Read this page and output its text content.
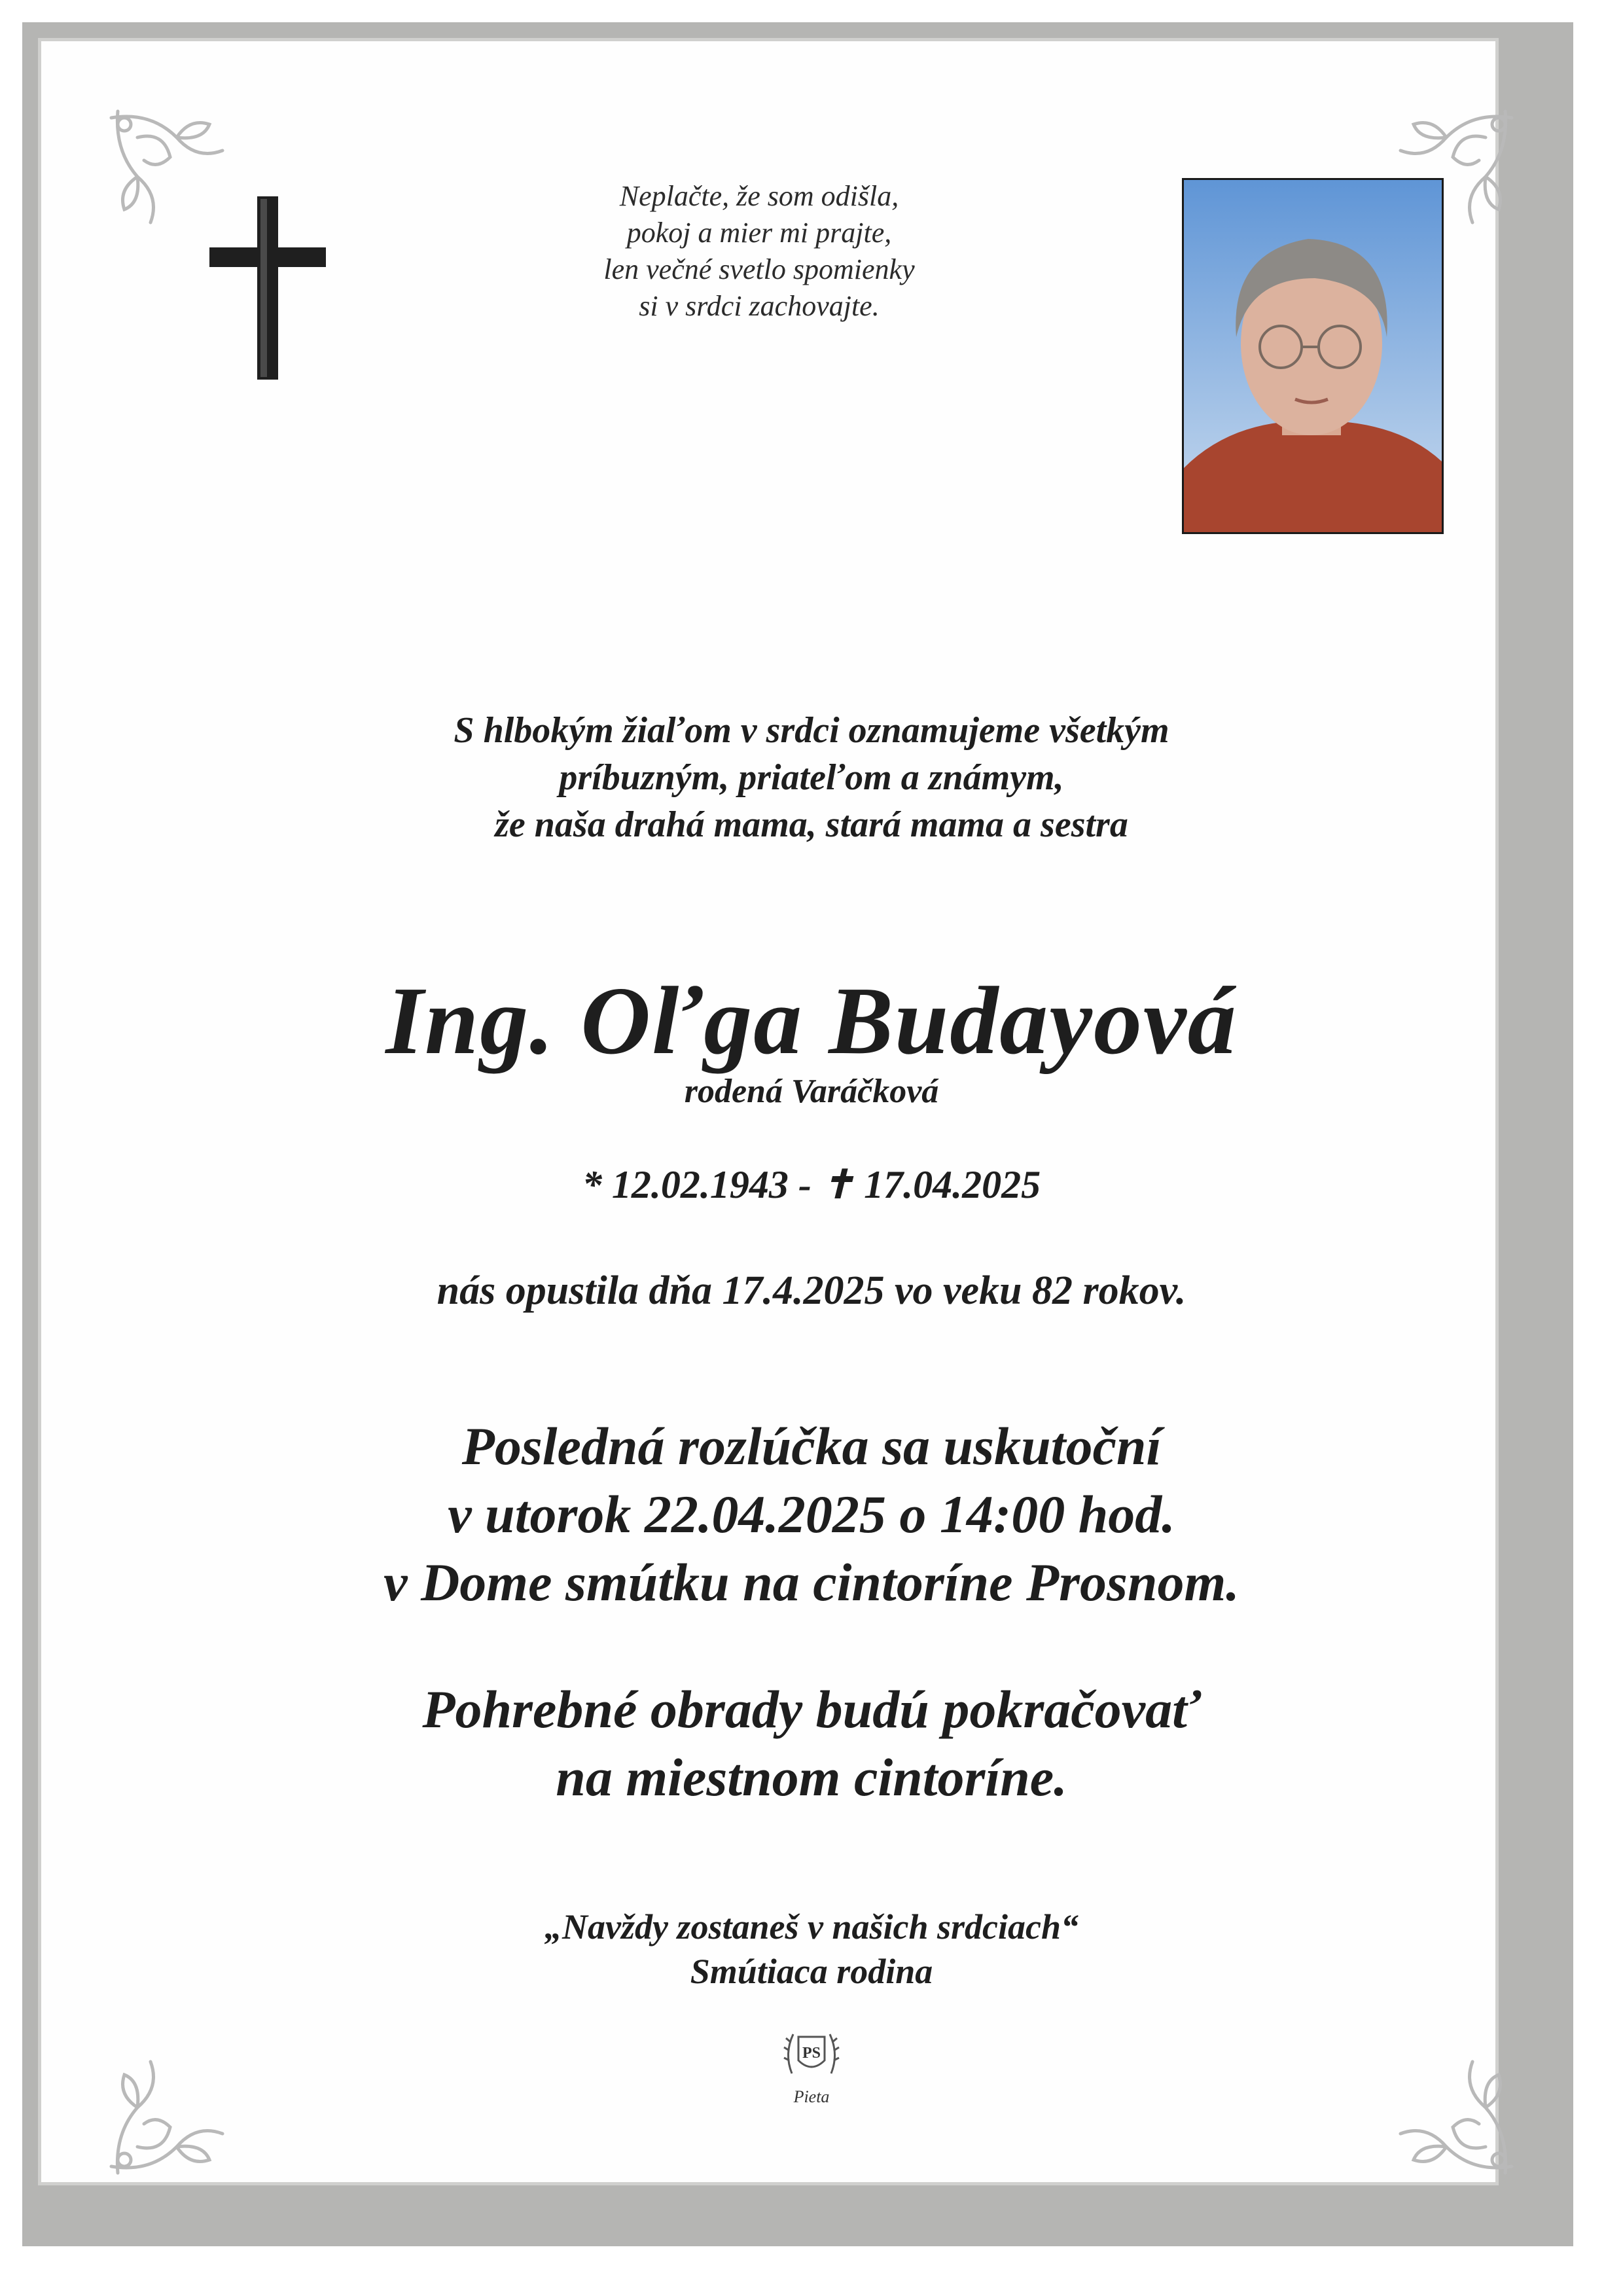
Neplačte, že som odišla,
pokoj a mier mi prajte,
len večné svetlo spomienky
si v srdci zachovajte.
S hlbokým žiaľom v srdci oznamujeme všetkým
príbuzným, priateľom a známym,
že naša drahá mama, stará mama a sestra
Ing. Oľga Budayová
rodená Varáčková
* 12.02.1943 - ✝ 17.04.2025
nás opustila dňa 17.4.2025 vo veku 82 rokov.
Posledná rozlúčka sa uskutoční
v utorok 22.04.2025 o 14:00 hod.
v Dome smútku na cintoríne Prosnom.
Pohrebné obrady budú pokračovať
na miestnom cintoríne.
„Navždy zostaneš v našich srdciach“
Smútiaca rodina
PS
Pieta
